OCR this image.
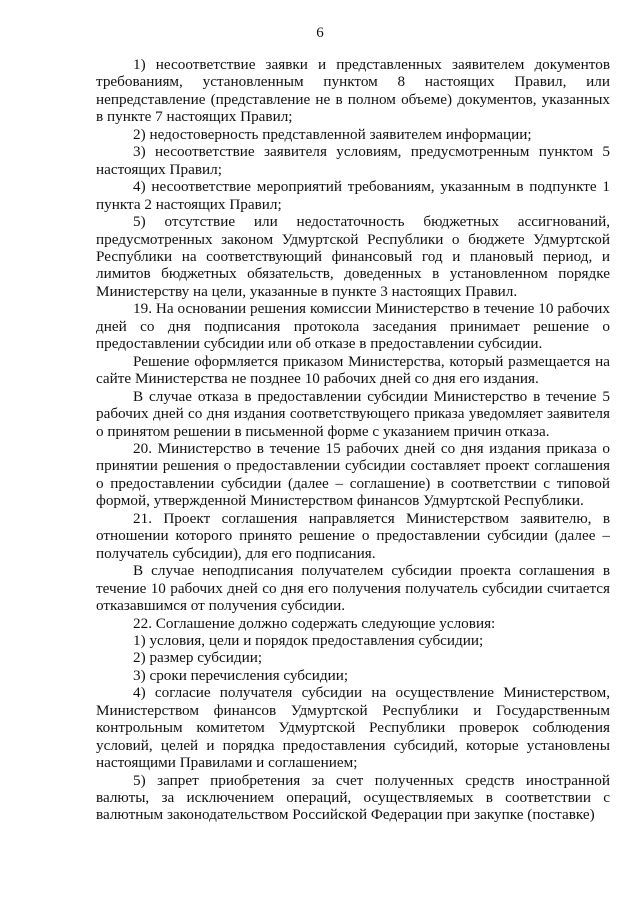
6

1) несоответствие заявки и представленных заявителем документов требованиям, установленным пунктом 8 настоящих Правил, или непредставление (представление не в полном объеме) документов, указанных в пункте 7 настоящих Правил;

2) недостоверность представленной заявителем информации;

3) несоответствие заявителя условиям, предусмотренным пунктом 5 настоящих Правил;

4) несоответствие мероприятий требованиям, указанным в подпункте 1 пункта 2 настоящих Правил;

5) отсутствие или недостаточность бюджетных ассигнований, предусмотренных законом Удмуртской Республики о бюджете Удмуртской Республики на соответствующий финансовый год и плановый период, и лимитов бюджетных обязательств, доведенных в установленном порядке Министерству на цели, указанные в пункте 3 настоящих Правил.

19. На основании решения комиссии Министерство в течение 10 рабочих дней со дня подписания протокола заседания принимает решение о предоставлении субсидии или об отказе в предоставлении субсидии.

Решение оформляется приказом Министерства, который размещается на сайте Министерства не позднее 10 рабочих дней со дня его издания.

В случае отказа в предоставлении субсидии Министерство в течение 5 рабочих дней со дня издания соответствующего приказа уведомляет заявителя о принятом решении в письменной форме с указанием причин отказа.

20. Министерство в течение 15 рабочих дней со дня издания приказа о принятии решения о предоставлении субсидии составляет проект соглашения о предоставлении субсидии (далее – соглашение) в соответствии с типовой формой, утвержденной Министерством финансов Удмуртской Республики.

21. Проект соглашения направляется Министерством заявителю, в отношении которого принято решение о предоставлении субсидии (далее – получатель субсидии), для его подписания.

В случае неподписания получателем субсидии проекта соглашения в течение 10 рабочих дней со дня его получения получатель субсидии считается отказавшимся от получения субсидии.

22. Соглашение должно содержать следующие условия:

1) условия, цели и порядок предоставления субсидии;

2) размер субсидии;

3) сроки перечисления субсидии;

4) согласие получателя субсидии на осуществление Министерством, Министерством финансов Удмуртской Республики и Государственным контрольным комитетом Удмуртской Республики проверок соблюдения условий, целей и порядка предоставления субсидий, которые установлены настоящими Правилами и соглашением;

5) запрет приобретения за счет полученных средств иностранной валюты, за исключением операций, осуществляемых в соответствии с валютным законодательством Российской Федерации при закупке (поставке)
